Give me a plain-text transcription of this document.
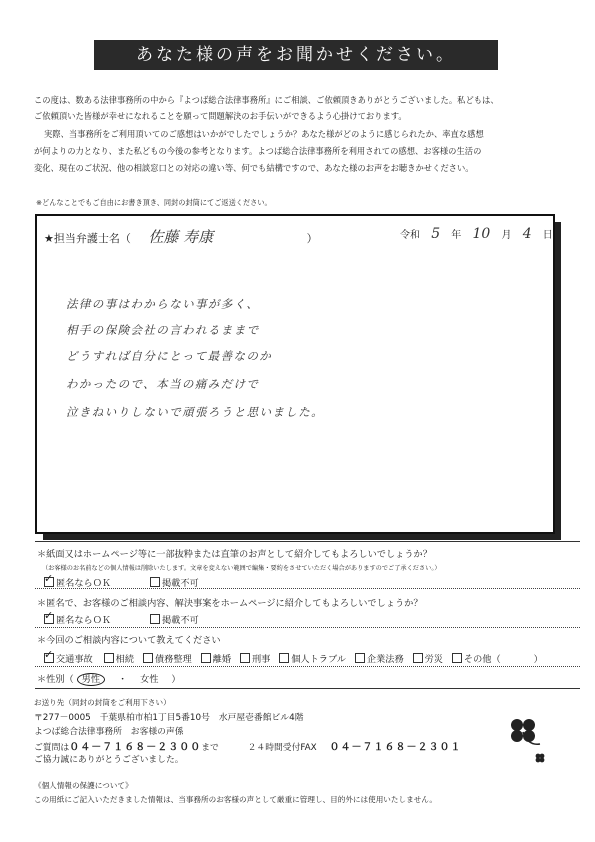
あなた様の声をお聞かせください。
この度は、数ある法律事務所の中から『よつば総合法律事務所』にご相談、ご依頼頂きありがとうございました。私どもは、
ご依頼頂いた皆様が幸せになれることを願って問題解決のお手伝いができるよう心掛けております。
実際、当事務所をご利用頂いてのご感想はいかがでしたでしょうか？あなた様がどのように感じられたか、率直な感想
が何よりの力となり、また私どもの今後の参考となります。よつば総合法律事務所を利用されての感想、お客様の生活の
変化、現在のご状況、他の相談窓口との対応の違い等、何でも結構ですので、あなた様のお声をお聴きかせください。
※どんなことでもご自由にお書き頂き、同封の封筒にてご返送ください。
★担当弁護士名（ 佐藤 寿康	）	令和 5 年 10 月 4 日
法律の事はわからない事が多く、
相手の保険会社の言われるままで
どうすれば自分にとって最善なのか
わかったので、本当の痛みだけで
泣きねいりしないで頑張ろうと思いました。
＊紙面又はホームページ等に一部抜粋または直筆のお声として紹介してもよろしいでしょうか？
（お客様のお名前などの個人情報は削除いたします。文章を変えない範囲で編集・要約をさせていただく場合がありますのでご了承ください。）
✓ 匿名ならＯＫ	掲載不可
＊匿名で、お客様のご相談内容、解決事案をホームページに紹介してもよろしいでしょうか？
✓ 匿名ならＯＫ	掲載不可
＊今回のご相談内容について教えてください
✓ 交通事故 相続 債務整理 離婚 刑事 個人トラブル 企業法務 労災 その他（	）
＊性別（ 男性 ・ 女性 ）
お送り先（同封の封筒をご利用下さい）
〒277－0005　千葉県柏市柏1丁目5番10号　水戸屋壱番館ビル4階
よつば総合法律事務所　お客様の声係
ご質問は０４－７１６８－２３００まで	２４時間受付FAX ０４－７１６８－２３０１
ご協力誠にありがとうございました。
《個人情報の保護について》
この用紙にご記入いただきました情報は、当事務所のお客様の声として厳重に管理し、目的外には使用いたしません。
